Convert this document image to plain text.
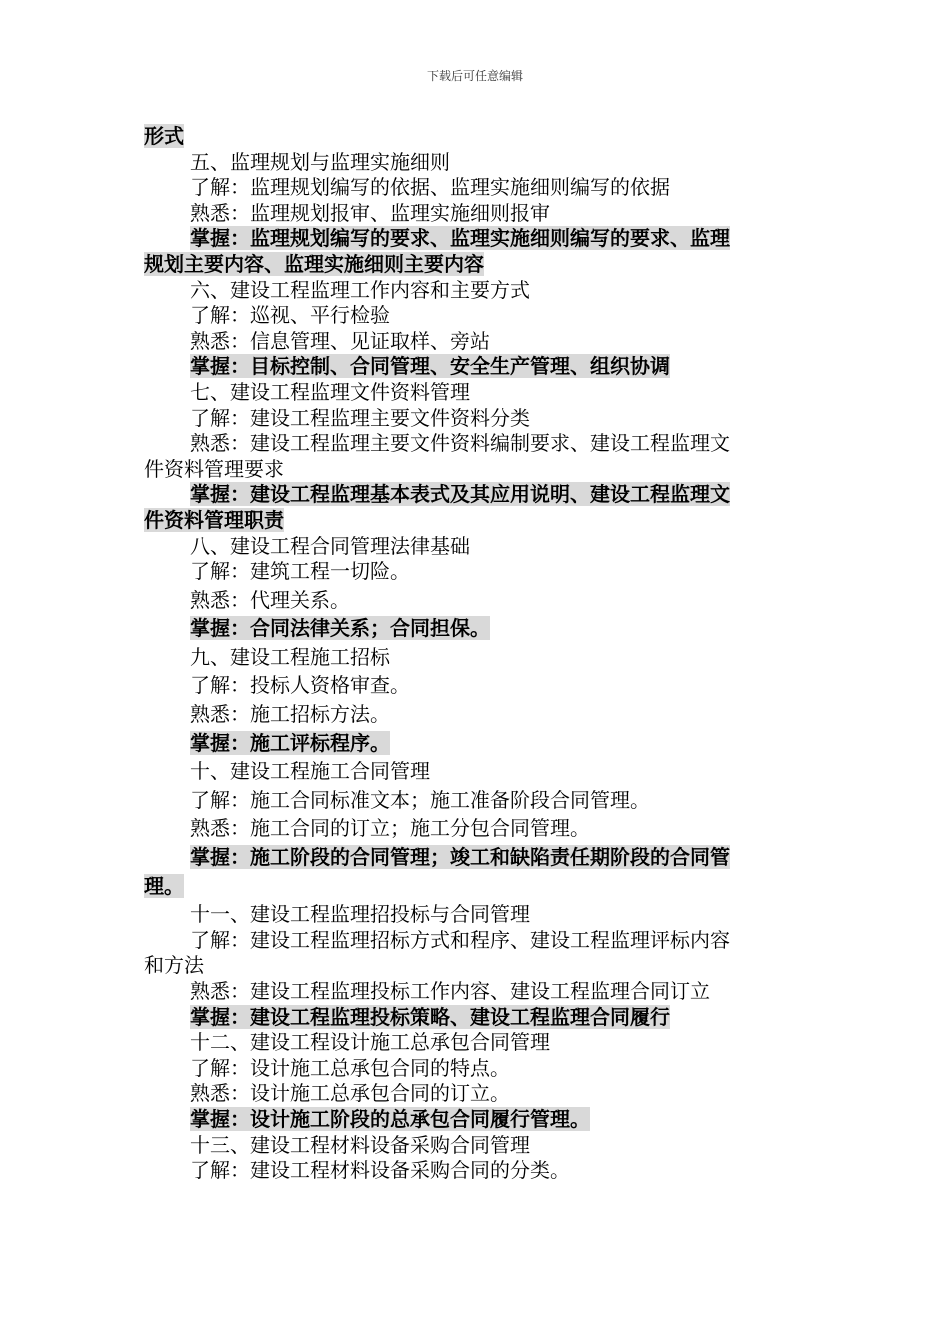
下载后可任意编辑
形式
五、监理规划与监理实施细则
了解：监理规划编写的依据、监理实施细则编写的依据
熟悉：监理规划报审、监理实施细则报审
掌握：监理规划编写的要求、监理实施细则编写的要求、监理
规划主要内容、监理实施细则主要内容
六、建设工程监理工作内容和主要方式
了解：巡视、平行检验
熟悉：信息管理、见证取样、旁站
掌握：目标控制、合同管理、安全生产管理、组织协调
七、建设工程监理文件资料管理
了解：建设工程监理主要文件资料分类
熟悉：建设工程监理主要文件资料编制要求、建设工程监理文
件资料管理要求
掌握：建设工程监理基本表式及其应用说明、建设工程监理文
件资料管理职责
八、建设工程合同管理法律基础
了解：建筑工程一切险。
熟悉：代理关系。
掌握：合同法律关系；合同担保。
九、建设工程施工招标
了解：投标人资格审查。
熟悉：施工招标方法。
掌握：施工评标程序。
十、建设工程施工合同管理
了解：施工合同标准文本；施工准备阶段合同管理。
熟悉：施工合同的订立；施工分包合同管理。
掌握：施工阶段的合同管理；竣工和缺陷责任期阶段的合同管
理。
十一、建设工程监理招投标与合同管理
了解：建设工程监理招标方式和程序、建设工程监理评标内容
和方法
熟悉：建设工程监理投标工作内容、建设工程监理合同订立
掌握：建设工程监理投标策略、建设工程监理合同履行
十二、建设工程设计施工总承包合同管理
了解：设计施工总承包合同的特点。
熟悉：设计施工总承包合同的订立。
掌握：设计施工阶段的总承包合同履行管理。
十三、建设工程材料设备采购合同管理
了解：建设工程材料设备采购合同的分类。
